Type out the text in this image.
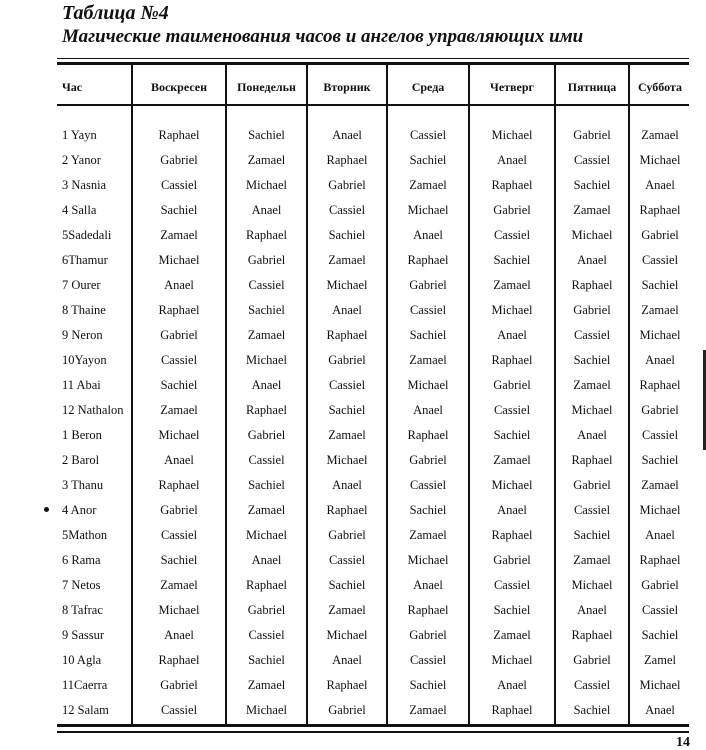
Таблица №4
Магические таименования часов и ангелов управляющих ими
Час	Воскресен	Понедельн	Вторник	Среда	Четверг	Пятница	Суббота
1 Yayn	Raphael	Sachiel	Anael	Cassiel	Michael	Gabriel	Zamael
2 Yanor	Gabriel	Zamael	Raphael	Sachiel	Anael	Cassiel	Michael
3 Nasnia	Cassiel	Michael	Gabriel	Zamael	Raphael	Sachiel	Anael
4 Salla	Sachiel	Anael	Cassiel	Michael	Gabriel	Zamael	Raphael
5Sadedali	Zamael	Raphael	Sachiel	Anael	Cassiel	Michael	Gabriel
6Thamur	Michael	Gabriel	Zamael	Raphael	Sachiel	Anael	Cassiel
7 Ourer	Anael	Cassiel	Michael	Gabriel	Zamael	Raphael	Sachiel
8 Thaine	Raphael	Sachiel	Anael	Cassiel	Michael	Gabriel	Zamael
9 Neron	Gabriel	Zamael	Raphael	Sachiel	Anael	Cassiel	Michael
10Yayon	Cassiel	Michael	Gabriel	Zamael	Raphael	Sachiel	Anael
11 Abai	Sachiel	Anael	Cassiel	Michael	Gabriel	Zamael	Raphael
12 Nathalon	Zamael	Raphael	Sachiel	Anael	Cassiel	Michael	Gabriel
1 Beron	Michael	Gabriel	Zamael	Raphael	Sachiel	Anael	Cassiel
2 Barol	Anael	Cassiel	Michael	Gabriel	Zamael	Raphael	Sachiel
3 Thanu	Raphael	Sachiel	Anael	Cassiel	Michael	Gabriel	Zamael
4 Anor	Gabriel	Zamael	Raphael	Sachiel	Anael	Cassiel	Michael
5Mathon	Cassiel	Michael	Gabriel	Zamael	Raphael	Sachiel	Anael
6 Rama	Sachiel	Anael	Cassiel	Michael	Gabriel	Zamael	Raphael
7 Netos	Zamael	Raphael	Sachiel	Anael	Cassiel	Michael	Gabriel
8 Tafrac	Michael	Gabriel	Zamael	Raphael	Sachiel	Anael	Cassiel
9 Sassur	Anael	Cassiel	Michael	Gabriel	Zamael	Raphael	Sachiel
10 Agla	Raphael	Sachiel	Anael	Cassiel	Michael	Gabriel	Zamel
11Caerra	Gabriel	Zamael	Raphael	Sachiel	Anael	Cassiel	Michael
12 Salam	Cassiel	Michael	Gabriel	Zamael	Raphael	Sachiel	Anael
14
